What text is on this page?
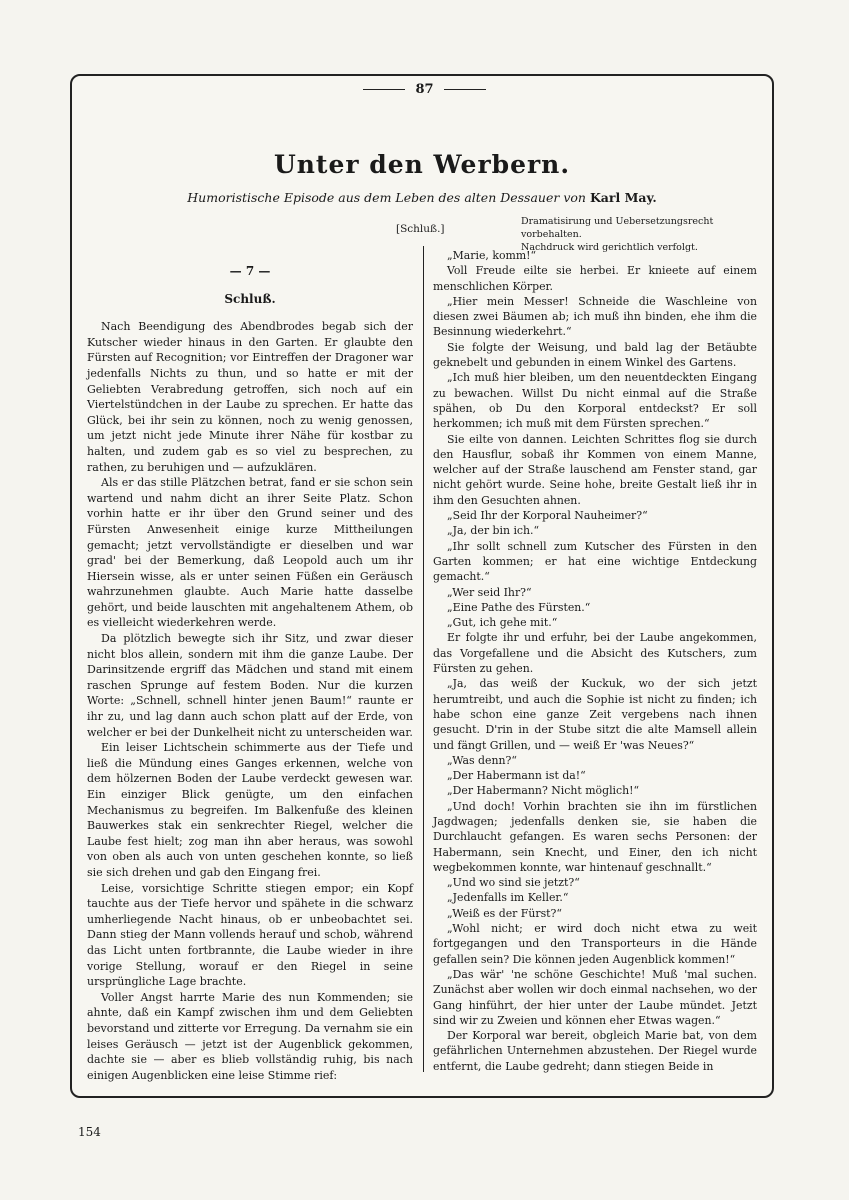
87
Unter den Werbern.
Humoristische Episode aus dem Leben des alten Dessauer von Karl May.
[Schluß.]
Dramatisirung und Uebersetzungsrecht vorbehalten.
Nachdruck wird gerichtlich verfolgt.
— 7 —
Schluß.

Nach Beendigung des Abendbrodes begab sich der Kutscher wieder hinaus in den Garten. Er glaubte den Fürsten auf Recognition; vor Eintreffen der Dragoner war jedenfalls Nichts zu thun, und so hatte er mit der Geliebten Verabredung getroffen, sich noch auf ein Viertelstündchen in der Laube zu sprechen. Er hatte das Glück, bei ihr sein zu können, noch zu wenig genossen, um jetzt nicht jede Minute ihrer Nähe für kostbar zu halten, und zudem gab es so viel zu besprechen, zu rathen, zu beruhigen und — aufzuklären.

Als er das stille Plätzchen betrat, fand er sie schon sein wartend und nahm dicht an ihrer Seite Platz. Schon vorhin hatte er ihr über den Grund seiner und des Fürsten Anwesenheit einige kurze Mittheilungen gemacht; jetzt vervollständigte er dieselben und war grad' bei der Bemerkung, daß Leopold auch um ihr Hiersein wisse, als er unter seinen Füßen ein Geräusch wahrzunehmen glaubte. Auch Marie hatte dasselbe gehört, und beide lauschten mit angehaltenem Athem, ob es vielleicht wiederkehren werde.

Da plötzlich bewegte sich ihr Sitz, und zwar dieser nicht blos allein, sondern mit ihm die ganze Laube. Der Darinsitzende ergriff das Mädchen und stand mit einem raschen Sprunge auf festem Boden. Nur die kurzen Worte: „Schnell, schnell hinter jenen Baum!“ raunte er ihr zu, und lag dann auch schon platt auf der Erde, von welcher er bei der Dunkelheit nicht zu unterscheiden war.

Ein leiser Lichtschein schimmerte aus der Tiefe und ließ die Mündung eines Ganges erkennen, welche von dem hölzernen Boden der Laube verdeckt gewesen war. Ein einziger Blick genügte, um den einfachen Mechanismus zu begreifen. Im Balkenfuße des kleinen Bauwerkes stak ein senkrechter Riegel, welcher die Laube fest hielt; zog man ihn aber heraus, was sowohl von oben als auch von unten geschehen konnte, so ließ sie sich drehen und gab den Eingang frei.

Leise, vorsichtige Schritte stiegen empor; ein Kopf tauchte aus der Tiefe hervor und spähete in die schwarz umherliegende Nacht hinaus, ob er unbeobachtet sei. Dann stieg der Mann vollends herauf und schob, während das Licht unten fortbrannte, die Laube wieder in ihre vorige Stellung, worauf er den Riegel in seine ursprüngliche Lage brachte.

Voller Angst harrte Marie des nun Kommenden; sie ahnte, daß ein Kampf zwischen ihm und dem Geliebten bevorstand und zitterte vor Erregung. Da vernahm sie ein leises Geräusch — jetzt ist der Augenblick gekommen, dachte sie — aber es blieb vollständig ruhig, bis nach einigen Augenblicken eine leise Stimme rief:

„Marie, komm!“

Voll Freude eilte sie herbei. Er knieete auf einem menschlichen Körper.

„Hier mein Messer! Schneide die Waschleine von diesen zwei Bäumen ab; ich muß ihn binden, ehe ihm die Besinnung wiederkehrt.“

Sie folgte der Weisung, und bald lag der Betäubte geknebelt und gebunden in einem Winkel des Gartens.

„Ich muß hier bleiben, um den neuentdeckten Eingang zu bewachen. Willst Du nicht einmal auf die Straße spähen, ob Du den Korporal entdeckst? Er soll herkommen; ich muß mit dem Fürsten sprechen.“

Sie eilte von dannen. Leichten Schrittes flog sie durch den Hausflur, sobaß ihr Kommen von einem Manne, welcher auf der Straße lauschend am Fenster stand, gar nicht gehört wurde. Seine hohe, breite Gestalt ließ ihr in ihm den Gesuchten ahnen.

„Seid Ihr der Korporal Nauheimer?“

„Ja, der bin ich.“

„Ihr sollt schnell zum Kutscher des Fürsten in den Garten kommen; er hat eine wichtige Entdeckung gemacht.“

„Wer seid Ihr?“

„Eine Pathe des Fürsten.“

„Gut, ich gehe mit.“

Er folgte ihr und erfuhr, bei der Laube angekommen, das Vorgefallene und die Absicht des Kutschers, zum Fürsten zu gehen.

„Ja, das weiß der Kuckuk, wo der sich jetzt herumtreibt, und auch die Sophie ist nicht zu finden; ich habe schon eine ganze Zeit vergebens nach ihnen gesucht. D'rin in der Stube sitzt die alte Mamsell allein und fängt Grillen, und — weiß Er 'was Neues?“

„Was denn?“

„Der Habermann ist da!“

„Der Habermann? Nicht möglich!“

„Und doch! Vorhin brachten sie ihn im fürstlichen Jagdwagen; jedenfalls denken sie, sie haben die Durchlaucht gefangen. Es waren sechs Personen: der Habermann, sein Knecht, und Einer, den ich nicht wegbekommen konnte, war hintenauf geschnallt.“

„Und wo sind sie jetzt?“

„Jedenfalls im Keller.“

„Weiß es der Fürst?“

„Wohl nicht; er wird doch nicht etwa zu weit fortgegangen und den Transporteurs in die Hände gefallen sein? Die können jeden Augenblick kommen!“

„Das wär' 'ne schöne Geschichte! Muß 'mal suchen. Zunächst aber wollen wir doch einmal nachsehen, wo der Gang hinführt, der hier unter der Laube mündet. Jetzt sind wir zu Zweien und können eher Etwas wagen.“

Der Korporal war bereit, obgleich Marie bat, von dem gefährlichen Unternehmen abzustehen. Der Riegel wurde entfernt, die Laube gedreht; dann stiegen Beide in

154
